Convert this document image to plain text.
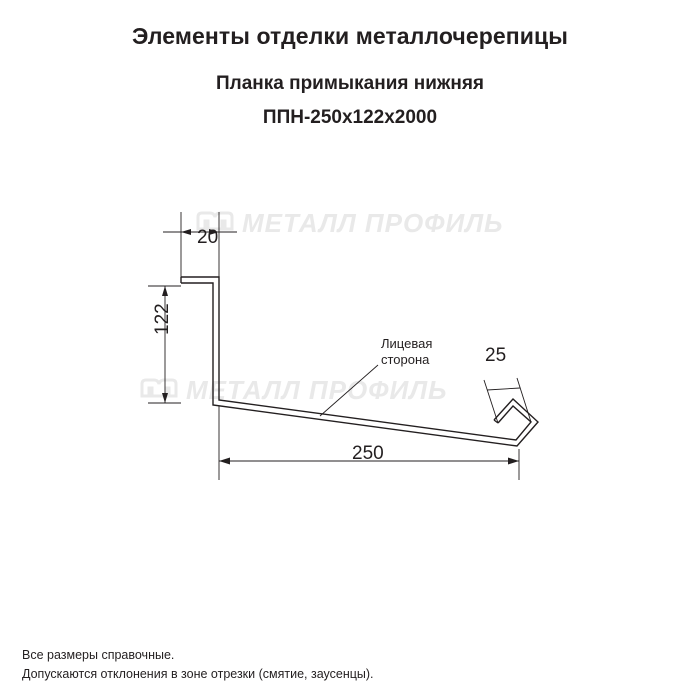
Элементы отделки металлочерепицы
Планка примыкания нижняя
ППН-250х122х2000
МЕТАЛЛ ПРОФИЛЬ
МЕТАЛЛ ПРОФИЛЬ
20
122
25
250
Лицевая
сторона
Все размеры справочные.
Допускаются отклонения в зоне отрезки (смятие, заусенцы).
